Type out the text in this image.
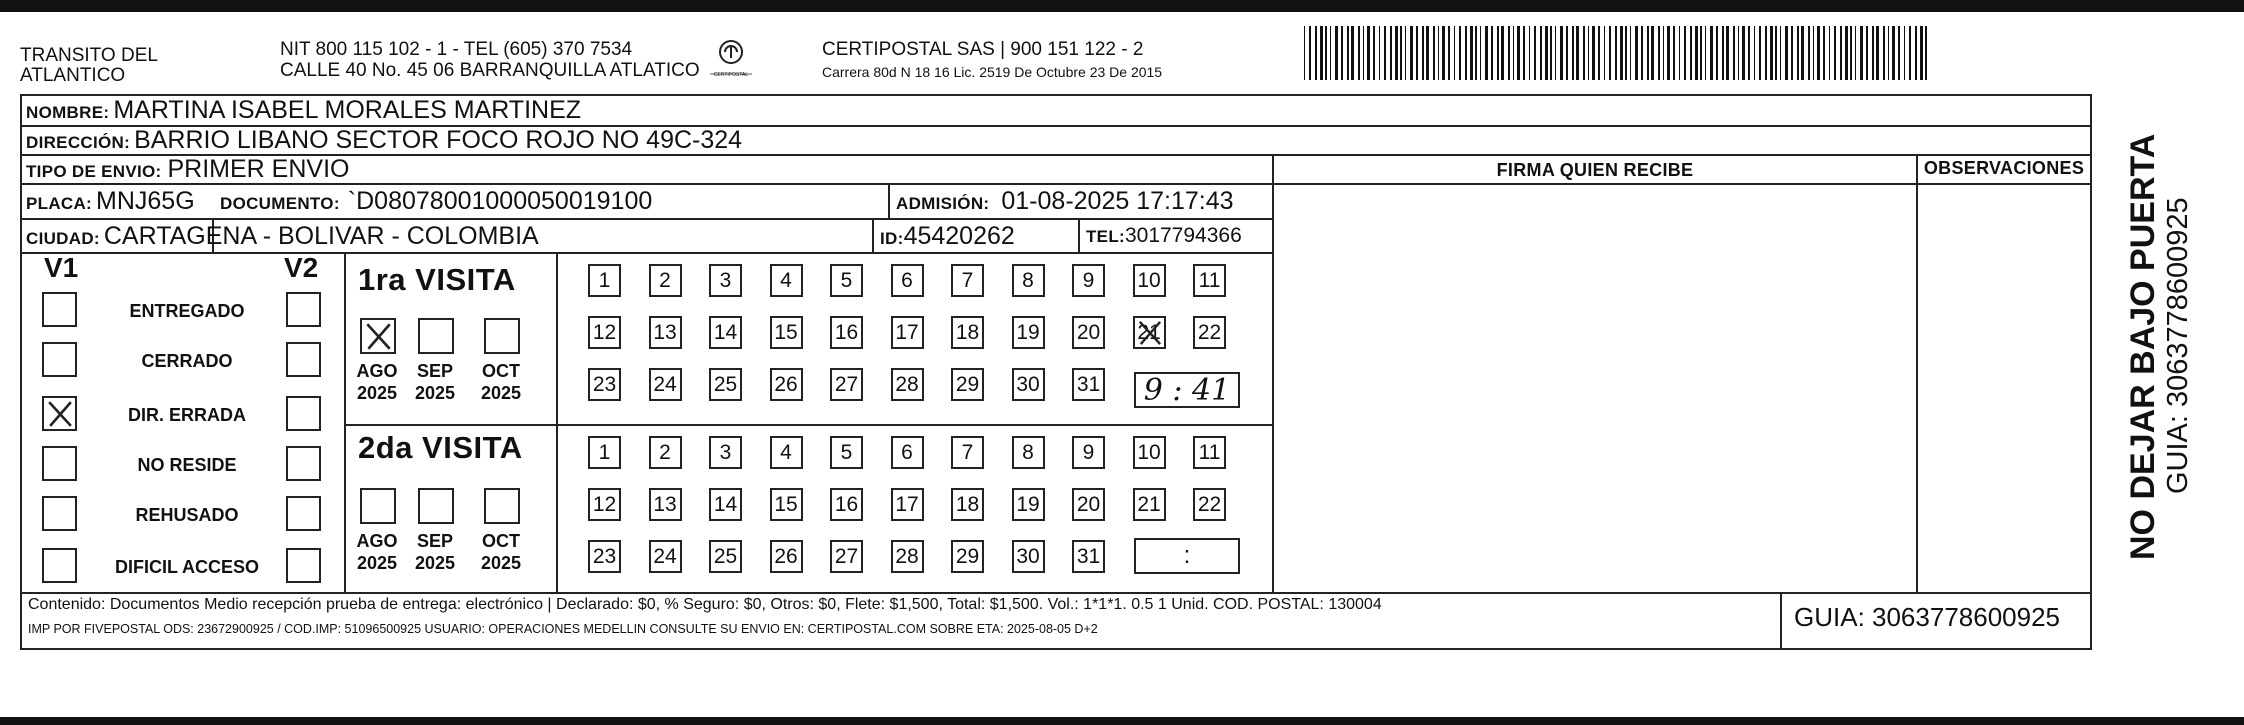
TRANSITO DEL ATLANTICO
NIT 800 115 102 - 1 - TEL (605) 370 7534
CALLE 40 No. 45 06 BARRANQUILLA ATLATICO	CERTIPOSTAL
CERTIPOSTAL SAS | 900 151 122 - 2
Carrera 80d N 18 16 Lic. 2519 De Octubre 23 De 2015
NOMBRE: MARTINA ISABEL MORALES MARTINEZ
DIRECCIÓN: BARRIO LIBANO SECTOR FOCO ROJO NO 49C-324
TIPO DE ENVIO: PRIMER ENVIO
PLACA: MNJ65G DOCUMENTO: `D08078001000050019100	ADMISIÓN: 01-08-2025 17:17:43
CIUDAD: CARTAGENA - BOLIVAR - COLOMBIA	ID: 45420262	TEL: 3017794366
FIRMA QUIEN RECIBE	OBSERVACIONES
V1	V2
ENTREGADO
CERRADO
DIR. ERRADA
NO RESIDE
REHUSADO
DIFICIL ACCESO
1ra VISITA
2da VISITA
AGO
2025
SEP
2025
OCT
2025
AGO
2025
SEP
2025
OCT
2025
1	2	3	4	5	6	7	8	9	10 11
12 13 14 15 16 17 18 19 20 21 22
23 24 25 26 27 28 29 30 31
1	2	3	4	5	6	7	8	9	10 11
12 13 14 15 16 17 18 19 20 21 22
23 24 25 26 27 28 29 30 31
9 : 41
:
Contenido: Documentos Medio recepción prueba de entrega: electrónico | Declarado: $0, % Seguro: $0, Otros: $0, Flete: $1,500, Total: $1,500. Vol.: 1*1*1. 0.5 1 Unid. COD. POSTAL: 130004
IMP POR FIVEPOSTAL ODS: 23672900925 / COD.IMP: 51096500925 USUARIO: OPERACIONES MEDELLIN CONSULTE SU ENVIO EN: CERTIPOSTAL.COM SOBRE ETA: 2025-08-05 D+2	GUIA: 3063778600925
NO DEJAR BAJO PUERTA GUIA: 3063778600925
